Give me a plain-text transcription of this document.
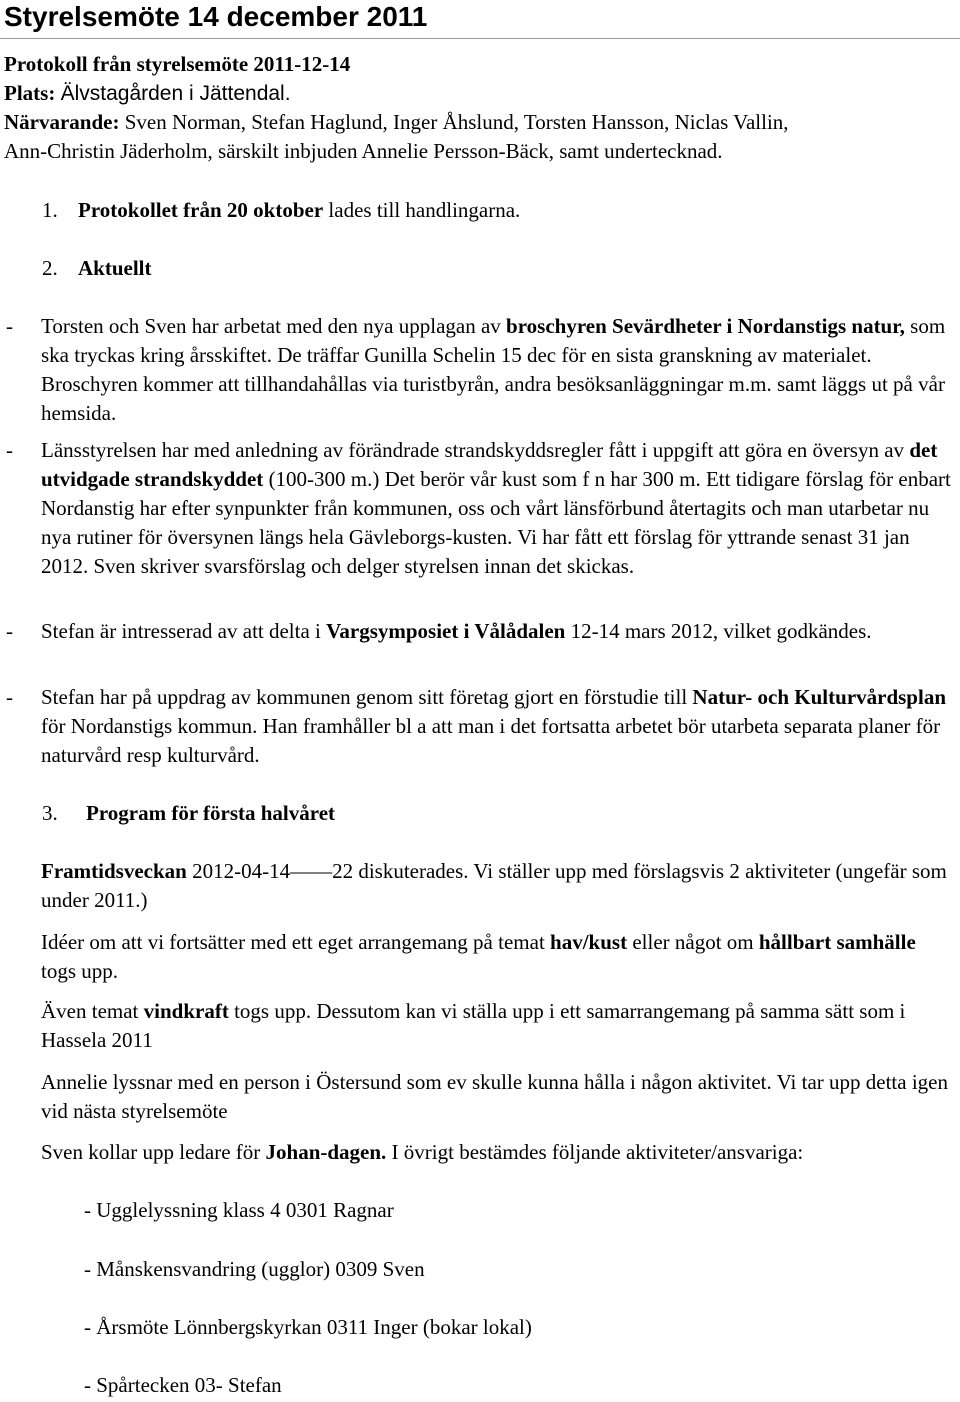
Styrelsemöte 14 december 2011
Protokoll från styrelsemöte 2011-12-14
Plats: Älvstagården i Jättendal.
Närvarande: Sven Norman, Stefan Haglund, Inger Åhslund, Torsten Hansson, Niclas Vallin,
Ann-Christin Jäderholm, särskilt inbjuden Annelie Persson-Bäck, samt undertecknad.
1. Protokollet från 20 oktober lades till handlingarna.
2. Aktuellt
- Torsten och Sven har arbetat med den nya upplagan av broschyren Sevärdheter i Nordanstigs natur, som ska tryckas kring årsskiftet. De träffar Gunilla Schelin 15 dec för en sista granskning av materialet. Broschyren kommer att tillhandahållas via turistbyrån, andra besöksanläggningar m.m. samt läggs ut på vår hemsida.
- Länsstyrelsen har med anledning av förändrade strandskyddsregler fått i uppgift att göra en översyn av det utvidgade strandskyddet (100-300 m.) Det berör vår kust som f n har 300 m. Ett tidigare förslag för enbart Nordanstig har efter synpunkter från kommunen, oss och vårt länsförbund återtagits och man utarbetar nu nya rutiner för översynen längs hela Gävleborgs-kusten. Vi har fått ett förslag för yttrande senast 31 jan 2012. Sven skriver svarsförslag och delger styrelsen innan det skickas.
- Stefan är intresserad av att delta i Vargsymposiet i Vålådalen 12-14 mars 2012, vilket godkändes.
- Stefan har på uppdrag av kommunen genom sitt företag gjort en förstudie till Natur- och Kulturvårdsplan för Nordanstigs kommun. Han framhåller bl a att man i det fortsatta arbetet bör utarbeta separata planer för naturvård resp kulturvård.
3. Program för första halvåret
Framtidsveckan 2012-04-14——22 diskuterades. Vi ställer upp med förslagsvis 2 aktiviteter (ungefär som under 2011.)
Idéer om att vi fortsätter med ett eget arrangemang på temat hav/kust eller något om hållbart samhälle togs upp.
Även temat vindkraft togs upp. Dessutom kan vi ställa upp i ett samarrangemang på samma sätt som i Hassela 2011
Annelie lyssnar med en person i Östersund som ev skulle kunna hålla i någon aktivitet. Vi tar upp detta igen vid nästa styrelsemöte
Sven kollar upp ledare för Johan-dagen. I övrigt bestämdes följande aktiviteter/ansvariga:
- Ugglelyssning klass 4 0301 Ragnar
- Månskensvandring (ugglor) 0309 Sven
- Årsmöte Lönnbergskyrkan 0311 Inger (bokar lokal)
- Spårtecken 03- Stefan
